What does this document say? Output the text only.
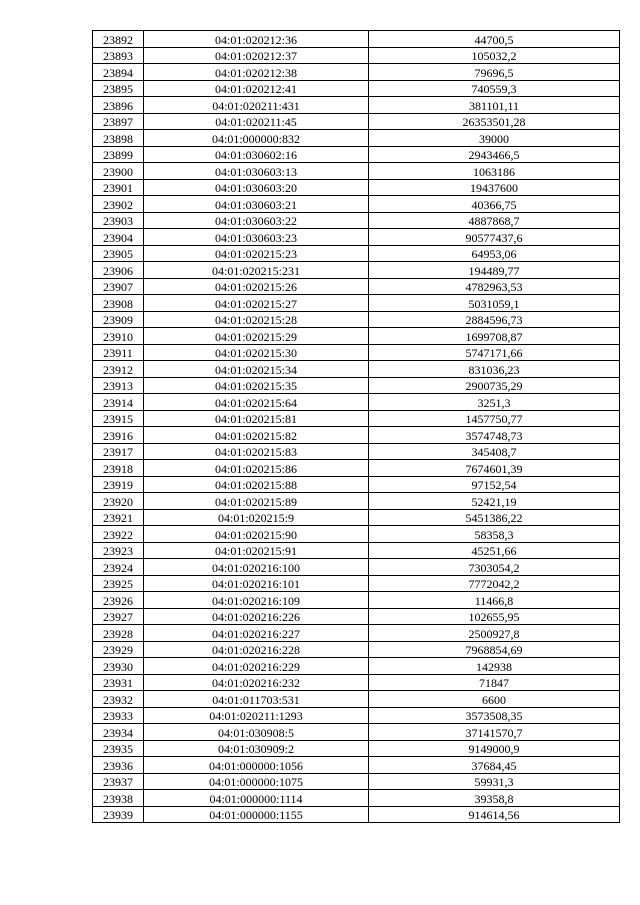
23892	04:01:020212:36	44700,5
23893	04:01:020212:37	105032,2
23894	04:01:020212:38	79696,5
23895	04:01:020212:41	740559,3
23896	04:01:020211:431	381101,11
23897	04:01:020211:45	26353501,28
23898	04:01:000000:832	39000
23899	04:01:030602:16	2943466,5
23900	04:01:030603:13	1063186
23901	04:01:030603:20	19437600
23902	04:01:030603:21	40366,75
23903	04:01:030603:22	4887868,7
23904	04:01:030603:23	90577437,6
23905	04:01:020215:23	64953,06
23906	04:01:020215:231	194489,77
23907	04:01:020215:26	4782963,53
23908	04:01:020215:27	5031059,1
23909	04:01:020215:28	2884596,73
23910	04:01:020215:29	1699708,87
23911	04:01:020215:30	5747171,66
23912	04:01:020215:34	831036,23
23913	04:01:020215:35	2900735,29
23914	04:01:020215:64	3251,3
23915	04:01:020215:81	1457750,77
23916	04:01:020215:82	3574748,73
23917	04:01:020215:83	345408,7
23918	04:01:020215:86	7674601,39
23919	04:01:020215:88	97152,54
23920	04:01:020215:89	52421,19
23921	04:01:020215:9	5451386,22
23922	04:01:020215:90	58358,3
23923	04:01:020215:91	45251,66
23924	04:01:020216:100	7303054,2
23925	04:01:020216:101	7772042,2
23926	04:01:020216:109	11466,8
23927	04:01:020216:226	102655,95
23928	04:01:020216:227	2500927,8
23929	04:01:020216:228	7968854,69
23930	04:01:020216:229	142938
23931	04:01:020216:232	71847
23932	04:01:011703:531	6600
23933	04:01:020211:1293	3573508,35
23934	04:01:030908:5	37141570,7
23935	04:01:030909:2	9149000,9
23936	04:01:000000:1056	37684,45
23937	04:01:000000:1075	59931,3
23938	04:01:000000:1114	39358,8
23939	04:01:000000:1155	914614,56
